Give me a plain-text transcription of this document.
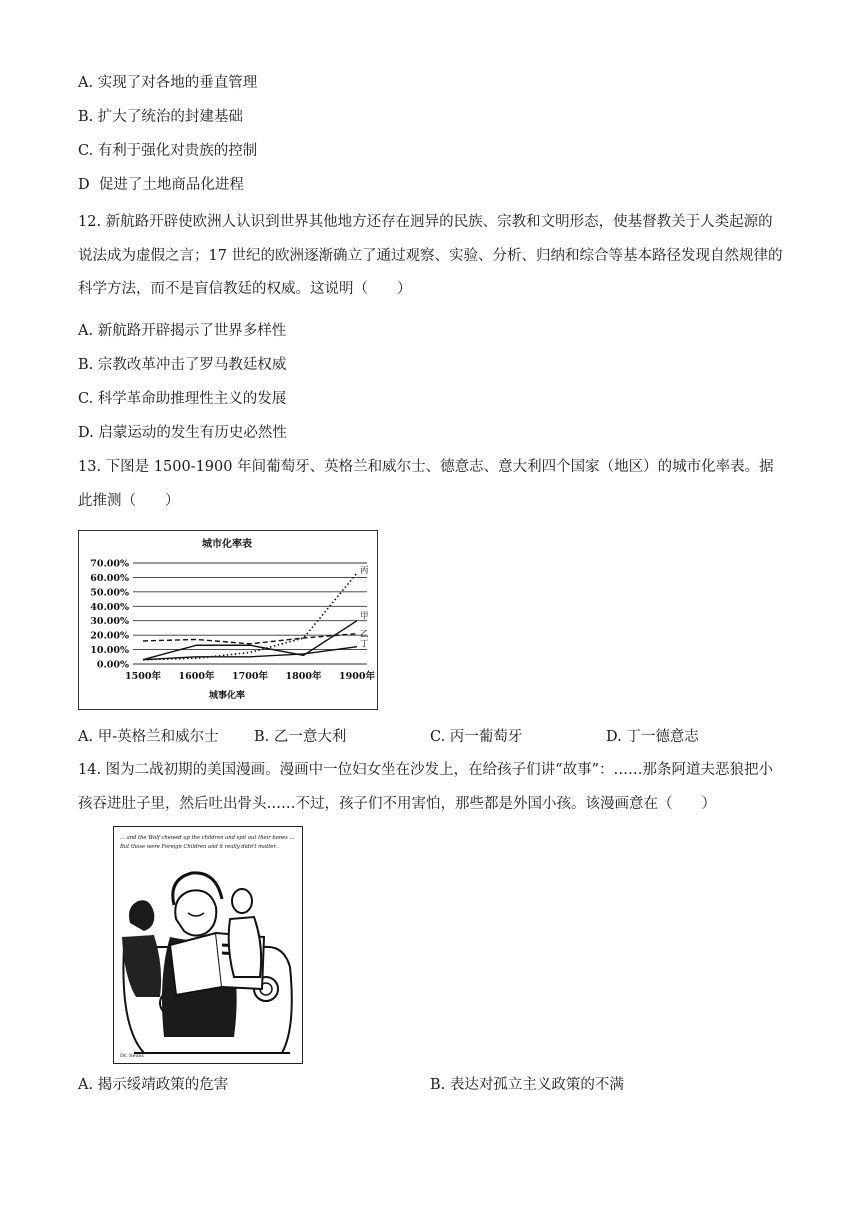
A. 实现了对各地的垂直管理
B. 扩大了统治的封建基础
C. 有利于强化对贵族的控制
D 促进了土地商品化进程
12. 新航路开辟使欧洲人认识到世界其他地方还存在迥异的民族、宗教和文明形态，使基督教关于人类起源的说法成为虚假之言；17 世纪的欧洲逐渐确立了通过观察、实验、分析、归纳和综合等基本路径发现自然规律的科学方法，而不是盲信教廷的权威。这说明（　　）
A. 新航路开辟揭示了世界多样性
B. 宗教改革冲击了罗马教廷权威
C. 科学革命助推理性主义的发展
D. 启蒙运动的发生有历史必然性
13. 下图是 1500-1900 年间葡萄牙、英格兰和威尔士、德意志、意大利四个国家（地区）的城市化率表。据此推测（　　）
城市化率表
0.00%
10.00%
20.00%
30.00%
40.00%
50.00%
60.00%
70.00%
1500年 1600年 1700年 1800年 1900年
城事化率
甲
乙
丙
丁
A. 甲-英格兰和威尔士 B. 乙一意大利	C. 丙一葡萄牙	D. 丁一德意志
14. 图为二战初期的美国漫画。漫画中一位妇女坐在沙发上，在给孩子们讲“故事”：……那条阿道夫恶狼把小孩吞进肚子里，然后吐出骨头……不过，孩子们不用害怕，那些都是外国小孩。该漫画意在（　　）
... and the Wolf chewed up the children and spit out their bones ...
But those were Foreign Children and it really didn't matter.
Dr. Seuss
A. 揭示绥靖政策的危害	B. 表达对孤立主义政策的不满
